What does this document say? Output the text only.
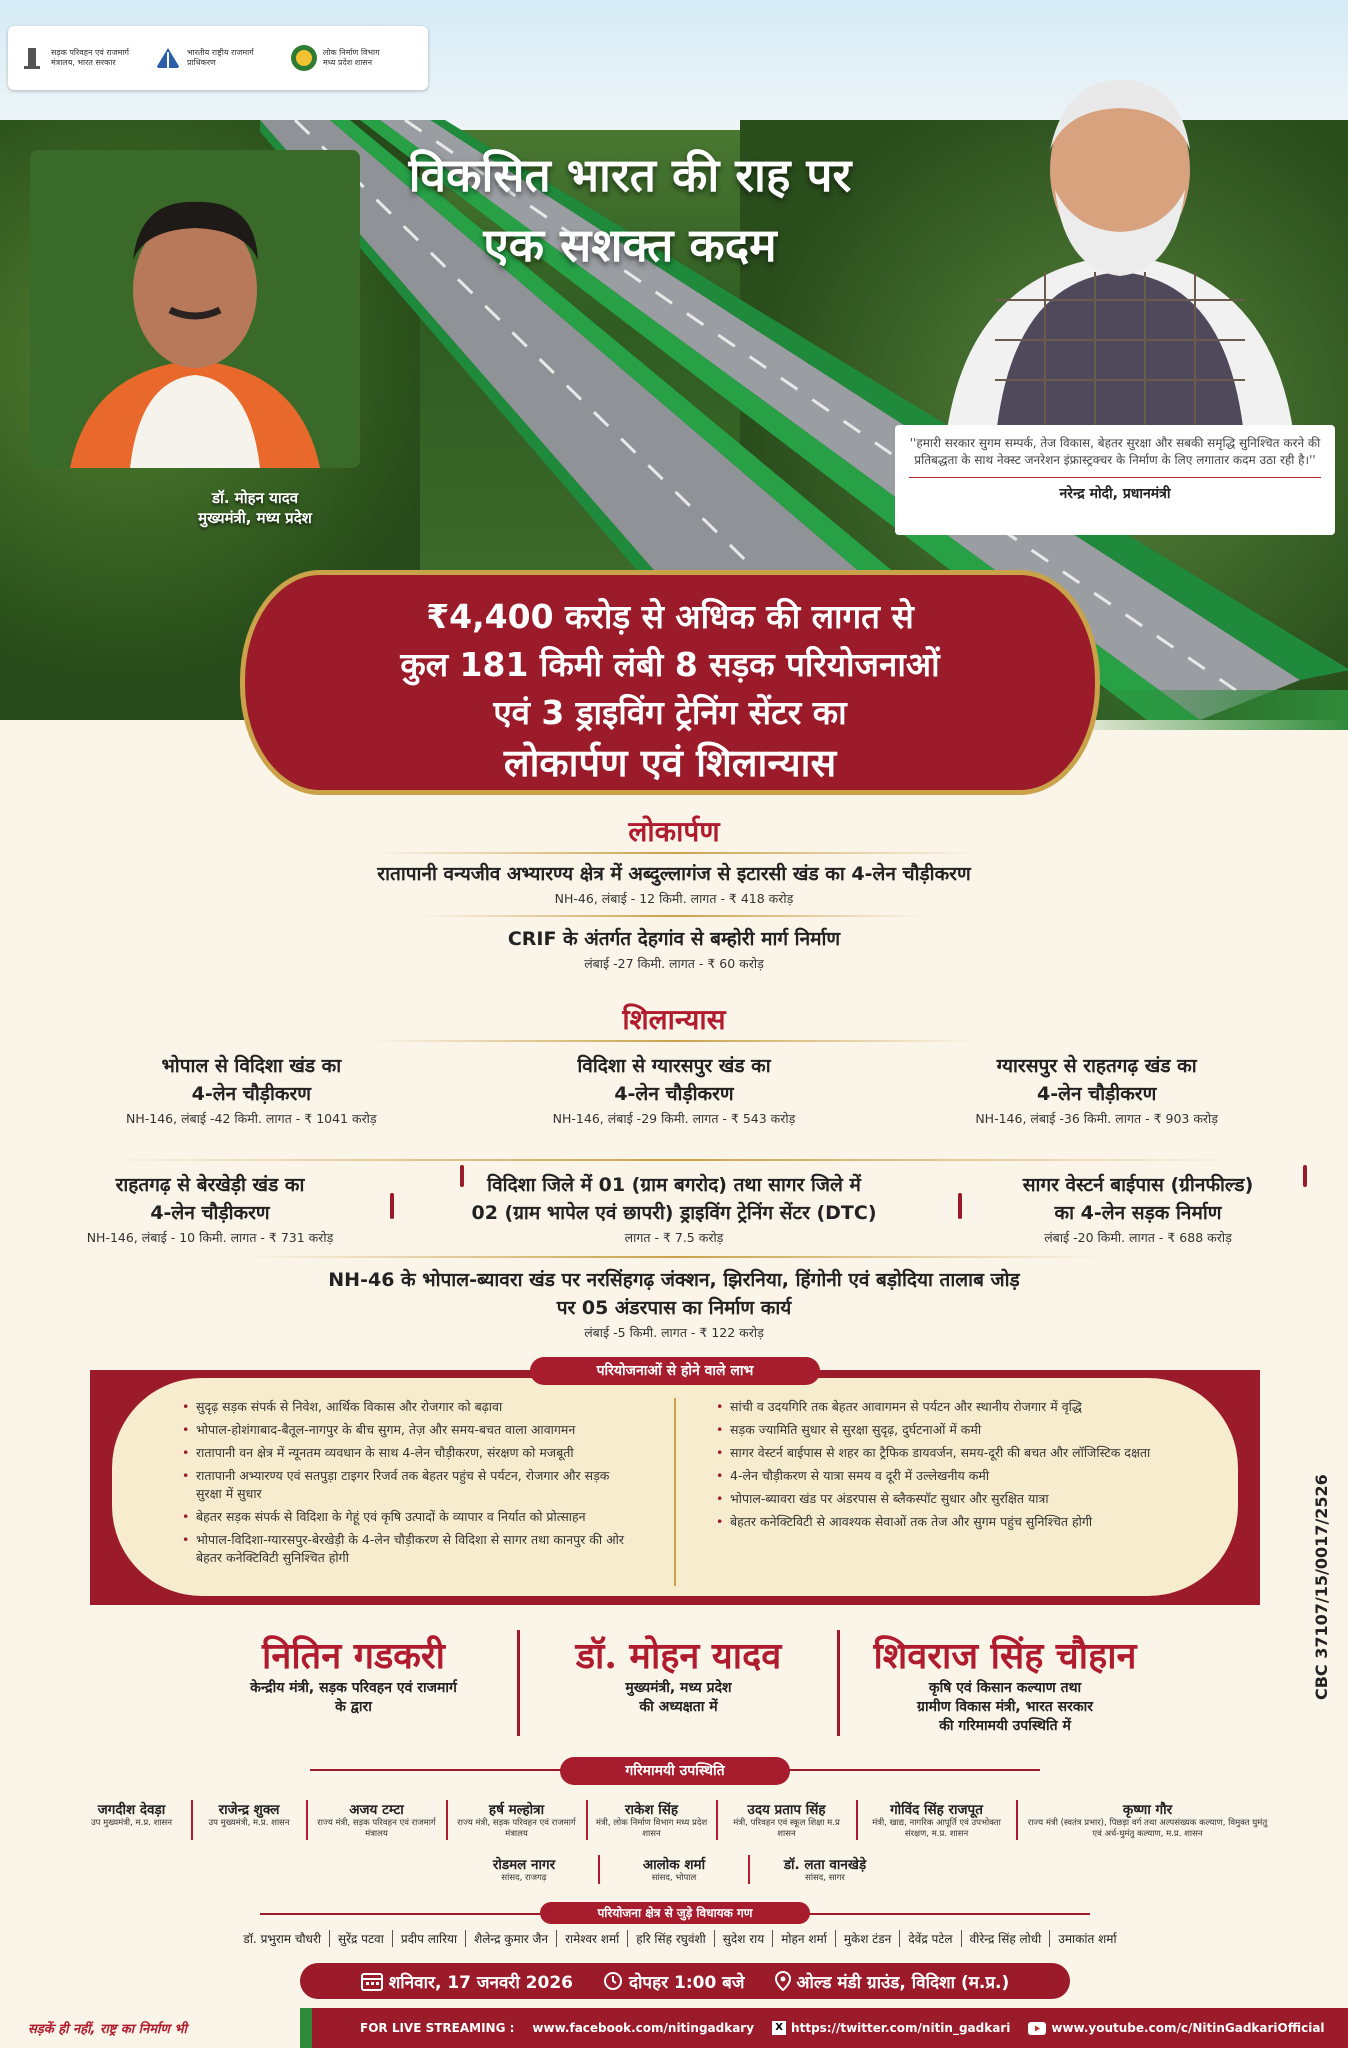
सड़क परिवहन एवं राजमार्ग
मंत्रालय, भारत सरकार
भारतीय राष्ट्रीय राजमार्ग
प्राधिकरण
लोक निर्माण विभाग
मध्य प्रदेश शासन
विकसित भारत की राह पर
एक सशक्त कदम
डॉ. मोहन यादव
मुख्यमंत्री, मध्य प्रदेश
''हमारी सरकार सुगम सम्पर्क, तेज विकास, बेहतर सुरक्षा और सबकी समृद्धि सुनिश्चित करने की प्रतिबद्धता के साथ नेक्स्ट जनरेशन इंफ्रास्ट्रक्चर के निर्माण के लिए लगातार कदम उठा रही है।''
नरेन्द्र मोदी, प्रधानमंत्री
₹4,400 करोड़ से अधिक की लागत से
कुल 181 किमी लंबी 8 सड़क परियोजनाओं
एवं 3 ड्राइविंग ट्रेनिंग सेंटर का
लोकार्पण एवं शिलान्यास
लोकार्पण
रातापानी वन्यजीव अभ्यारण्य क्षेत्र में अब्दुल्लागंज से इटारसी खंड का 4-लेन चौड़ीकरण
NH-46, लंबाई - 12 किमी. लागत - ₹ 418 करोड़
CRIF के अंतर्गत देहगांव से बम्होरी मार्ग निर्माण
लंबाई -27 किमी. लागत - ₹ 60 करोड़
शिलान्यास
भोपाल से विदिशा खंड का
4-लेन चौड़ीकरण
NH-146, लंबाई -42 किमी. लागत - ₹ 1041 करोड़
विदिशा से ग्यारसपुर खंड का
4-लेन चौड़ीकरण
NH-146, लंबाई -29 किमी. लागत - ₹ 543 करोड़
ग्यारसपुर से राहतगढ़ खंड का
4-लेन चौड़ीकरण
NH-146, लंबाई -36 किमी. लागत - ₹ 903 करोड़
राहतगढ़ से बेरखेड़ी खंड का
4-लेन चौड़ीकरण
NH-146, लंबाई - 10 किमी. लागत - ₹ 731 करोड़
विदिशा जिले में 01 (ग्राम बगरोद) तथा सागर जिले में
02 (ग्राम भापेल एवं छापरी) ड्राइविंग ट्रेनिंग सेंटर (DTC)
लागत - ₹ 7.5 करोड़
सागर वेस्टर्न बाईपास (ग्रीनफील्ड)
का 4-लेन सड़क निर्माण
लंबाई -20 किमी. लागत - ₹ 688 करोड़
NH-46 के भोपाल-ब्यावरा खंड पर नरसिंहगढ़ जंक्शन, झिरनिया, हिंगोनी एवं बड़ोदिया तालाब जोड़
पर 05 अंडरपास का निर्माण कार्य
लंबाई -5 किमी. लागत - ₹ 122 करोड़
• सुदृढ़ सड़क संपर्क से निवेश, आर्थिक विकास और रोजगार को बढ़ावा
• भोपाल-होशंगाबाद-बैतूल-नागपुर के बीच सुगम, तेज़ और समय-बचत वाला आवागमन
• रातापानी वन क्षेत्र में न्यूनतम व्यवधान के साथ 4-लेन चौड़ीकरण, संरक्षण को मजबूती
• रातापानी अभ्यारण्य एवं सतपुड़ा टाइगर रिजर्व तक बेहतर पहुंच से पर्यटन, रोजगार और सड़क सुरक्षा में सुधार
• बेहतर सड़क संपर्क से विदिशा के गेहूं एवं कृषि उत्पादों के व्यापार व निर्यात को प्रोत्साहन
• भोपाल-विदिशा-ग्यारसपुर-बेरखेड़ी के 4-लेन चौड़ीकरण से विदिशा से सागर तथा कानपुर की ओर बेहतर कनेक्टिविटी सुनिश्चित होगी
• सांची व उदयगिरि तक बेहतर आवागमन से पर्यटन और स्थानीय रोजगार में वृद्धि
• सड़क ज्यामिति सुधार से सुरक्षा सुदृढ़, दुर्घटनाओं में कमी
• सागर वेस्टर्न बाईपास से शहर का ट्रैफिक डायवर्जन, समय-दूरी की बचत और लॉजिस्टिक दक्षता
• 4-लेन चौड़ीकरण से यात्रा समय व दूरी में उल्लेखनीय कमी
• भोपाल-ब्यावरा खंड पर अंडरपास से ब्लैकस्पॉट सुधार और सुरक्षित यात्रा
• बेहतर कनेक्टिविटी से आवश्यक सेवाओं तक तेज और सुगम पहुंच सुनिश्चित होगी
परियोजनाओं से होने वाले लाभ
नितिन गडकरी
केन्द्रीय मंत्री, सड़क परिवहन एवं राजमार्ग
के द्वारा
डॉ. मोहन यादव
मुख्यमंत्री, मध्य प्रदेश
की अध्यक्षता में
शिवराज सिंह चौहान
कृषि एवं किसान कल्याण तथा
ग्रामीण विकास मंत्री, भारत सरकार
की गरिमामयी उपस्थिति में
गरिमामयी उपस्थिति
जगदीश देवड़ा
उप मुख्यमंत्री, म.प्र. शासन
राजेन्द्र शुक्ल
उप मुख्यमंत्री, म.प्र. शासन
अजय टम्टा
राज्य मंत्री, सड़क परिवहन एवं राजमार्ग मंत्रालय
हर्ष मल्होत्रा
राज्य मंत्री, सड़क परिवहन एवं राजमार्ग मंत्रालय
राकेश सिंह
मंत्री, लोक निर्माण विभाग मध्य प्रदेश शासन
उदय प्रताप सिंह
मंत्री, परिवहन एवं स्कूल शिक्षा म.प्र शासन
गोविंद सिंह राजपूत
मंत्री, खाद्य, नागरिक आपूर्ति एवं उपभोक्ता संरक्षण, म.प्र. शासन
कृष्णा गौर
राज्य मंत्री (स्वतंत्र प्रभार), पिछड़ा वर्ग तथा अल्पसंख्यक कल्याण, विमुक्त घुमंतु एवं अर्ध-घुमंतु कल्याण, म.प्र. शासन
रोडमल नागर
सांसद, राजगढ़
आलोक शर्मा
सांसद, भोपाल
डॉ. लता वानखेड़े
सांसद, सागर
परियोजना क्षेत्र से जुड़े विधायक गण
डॉ. प्रभुराम चौधरी	सुरेंद्र पटवा	प्रदीप लारिया	शैलेन्द्र कुमार जैन	रामेश्वर शर्मा	हरि सिंह रघुवंशी	सुदेश राय	मोहन शर्मा	मुकेश टंडन	देवेंद्र पटेल	वीरेन्द्र सिंह लोधी	उमाकांत शर्मा
शनिवार, 17 जनवरी 2026	दोपहर 1:00 बजे	ओल्ड मंडी ग्राउंड, विदिशा (म.प्र.)
सड़कें ही नहीं, राष्ट्र का निर्माण भी	FOR LIVE STREAMING : www.facebook.com/nitingadkary	X https://twitter.com/nitin_gadkari	www.youtube.com/c/NitinGadkariOfficial
CBC 37107/15/0017/2526
